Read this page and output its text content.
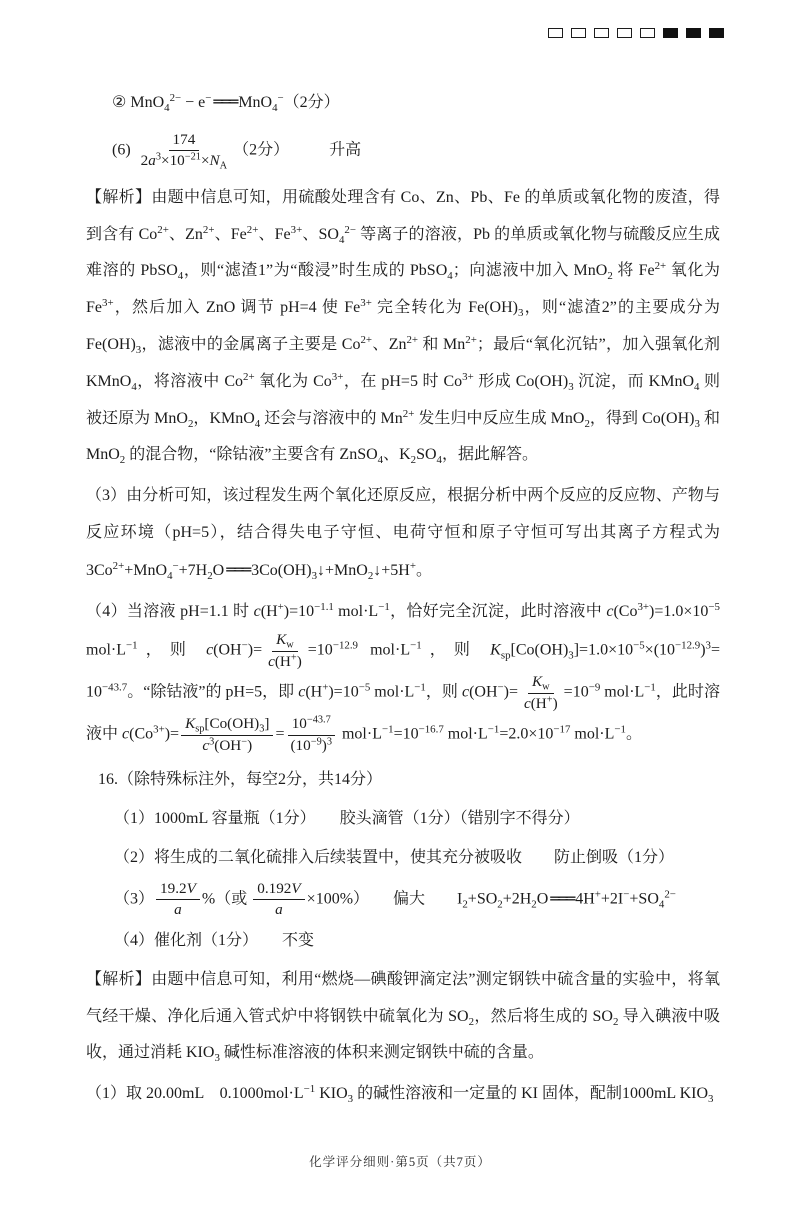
② MnO$_4^{2-}$ − e− ═══ MnO$_4$−（2分）
$(6) \frac{174}{2a^3\times 10^{-21}\times N_A} (2$分）　　　升高
【解析】由题中信息可知，用硫酸处理含有 Co、Zn、Pb、Fe 的单质或氧化物的废渣，得到含有 $Co^{2+}$、$Zn^{2+}$、$Fe^{2+}$、$Fe^{3+}$、$SO_4^{2-}$ 等离子的溶液，Pb 的单质或氧化物与硫酸反应生成难溶的 PbSO$_4$，则“滤渣1”为“酸浸”时生成的 PbSO$_4$；向滤液中加入 MnO$_2$ 将 $Fe^{2+}$ 氧化为 $Fe^{3+}$，然后加入 ZnO 调节 pH=4 使 $Fe^{3+}$ 完全转化为 $Fe(OH)_3$，则“滤渣2”的主要成分为 $Fe(OH)_3$，滤液中的金属离子主要是 $Co^{2+}$、$Zn^{2+}$ 和 $Mn^{2+}$；最后“氧化沉钴”，加入强氧化剂 KMnO$_4$，将溶液中 $Co^{2+}$ 氧化为 $Co^{3+}$，在 pH=5 时 $Co^{3+}$ 形成 $Co(OH)_3$ 沉淀，而 KMnO$_4$ 则被还原为 MnO$_2$，KMnO$_4$ 还会与溶液中的 $Mn^{2+}$ 发生归中反应生成 MnO$_2$，得到 $Co(OH)_3$ 和 MnO$_2$ 的混合物，“除钴液”主要含有 ZnSO$_4$、$K_2SO_4$，据此解答。
（3）由分析可知，该过程发生两个氧化还原反应，根据分析中两个反应的反应物、产物与反应环境（pH=5），结合得失电子守恒、电荷守恒和原子守恒可写出其离子方程式为 $3Co^{2+}+MnO_4^-+7H_2O$ ═══ $3Co(OH)_3↓+MnO_2↓+5H^+$。
（4）当溶液 pH=1.1 时 $c(H^+)=10^{-1.1}$ $mol\cdot L^{-1}$，恰好完全沉淀，此时溶液中 $c(Co^{3+})=1.0\times 10^{-5}$ $mol\cdot L^{-1}$，则 $c(OH^-)= \frac{K_w}{c(H^+)} =10^{-12.9}$ $mol\cdot L^{-1}$，则 $K_{sp}[Co(OH)_3]=1.0\times 10^{-5}\times(10^{-12.9})^3= 10^{-43.7}$。“除钴液”的 pH=5，即 $c(H^+)=10^{-5}$ $mol\cdot L^{-1}$，则 $c(OH^-)= \frac{K_w}{c(H^+)} =10^{-9}$ $mol\cdot L^{-1}$，此时溶液中 $c(Co^{3+})= \frac{K_{sp}[Co(OH)_3]}{c^3(OH^-)} = \frac{10^{-43.7}}{(10^{-9})^3} mol\cdot L^{-1}=10^{-16.7}$ $mol\cdot L^{-1}=2.0\times 10^{-17}$ $mol\cdot L^{-1}$。
16.（除特殊标注外，每空2分，共14分）
（1）1000mL 容量瓶（1分）　　胶头滴管（1分）（错别字不得分）
（2）将生成的二氧化硫排入后续装置中，使其充分被吸收　　防止倒吸（1分）
$(3) \frac{19.2V}{a}$ %（或 $\frac{0.192V}{a} \times 100\%$）　　偏大　　$I_2+SO_2+2H_2O$ ═══ $4H^++2I^-+SO_4^{2-}$
（4）催化剂（1分）　　不变
【解析】由题中信息可知，利用“燃烧—碘酸钾滴定法”测定钢铁中硫含量的实验中，将氧气经干燥、净化后通入管式炉中将钢铁中硫氧化为 $SO_2$，然后将生成的 $SO_2$ 导入碘液中吸收，通过消耗 $KIO_3$ 碱性标准溶液的体积来测定钢铁中硫的含量。
（1）取 20.00mL　$0.1000mol\cdot L^{-1}$ $KIO_3$ 的碱性溶液和一定量的 KI 固体，配制1000mL $KIO_3$
化学评分细则·第5页（共7页）
